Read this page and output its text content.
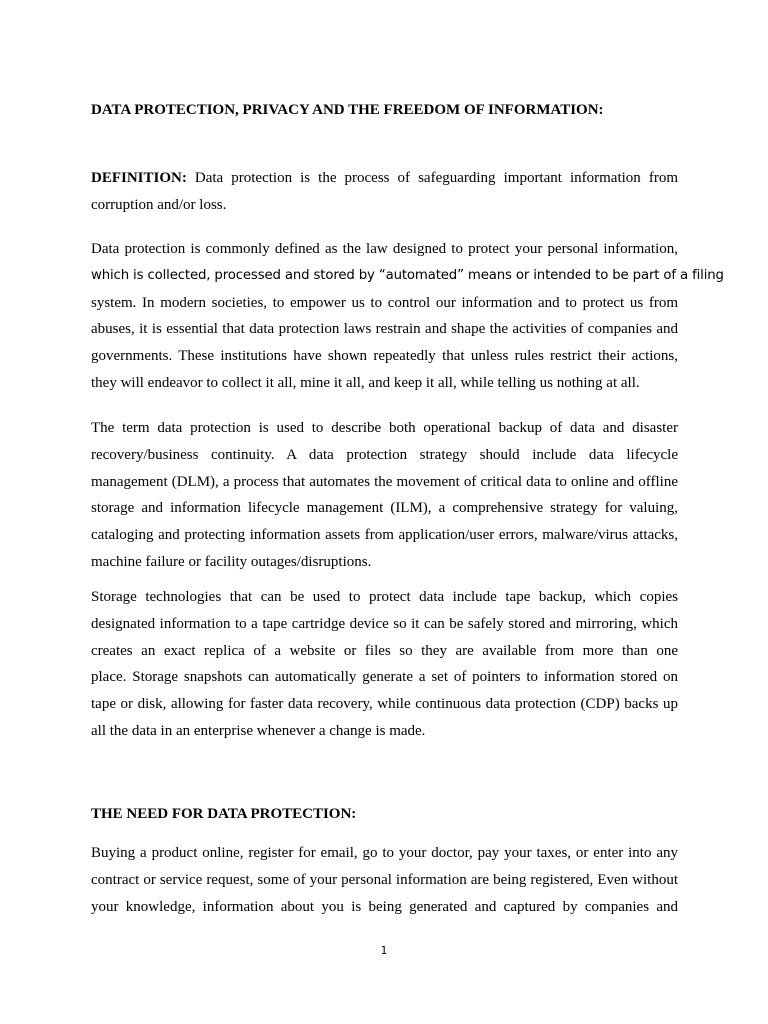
DATA PROTECTION, PRIVACY AND THE FREEDOM OF INFORMATION:
DEFINITION: Data protection is the process of safeguarding important information from
corruption and/or loss.
Data protection is commonly defined as the law designed to protect your personal information,
which is collected, processed and stored by “automated” means or intended to be part of a filing
system. In modern societies, to empower us to control our information and to protect us from
abuses, it is essential that data protection laws restrain and shape the activities of companies and
governments. These institutions have shown repeatedly that unless rules restrict their actions,
they will endeavor to collect it all, mine it all, and keep it all, while telling us nothing at all.
The term data protection is used to describe both operational backup of data and disaster
recovery/business continuity. A data protection strategy should include data lifecycle
management (DLM), a process that automates the movement of critical data to online and offline
storage and information lifecycle management (ILM), a comprehensive strategy for valuing,
cataloging and protecting information assets from application/user errors, malware/virus attacks,
machine failure or facility outages/disruptions.
Storage technologies that can be used to protect data include tape backup, which copies
designated information to a tape cartridge device so it can be safely stored and mirroring, which
creates an exact replica of a website or files so they are available from more than one
place. Storage snapshots can automatically generate a set of pointers to information stored on
tape or disk, allowing for faster data recovery, while continuous data protection (CDP) backs up
all the data in an enterprise whenever a change is made.
THE NEED FOR DATA PROTECTION:
Buying a product online, register for email, go to your doctor, pay your taxes, or enter into any
contract or service request, some of your personal information are being registered, Even without
your knowledge, information about you is being generated and captured by companies and
1
